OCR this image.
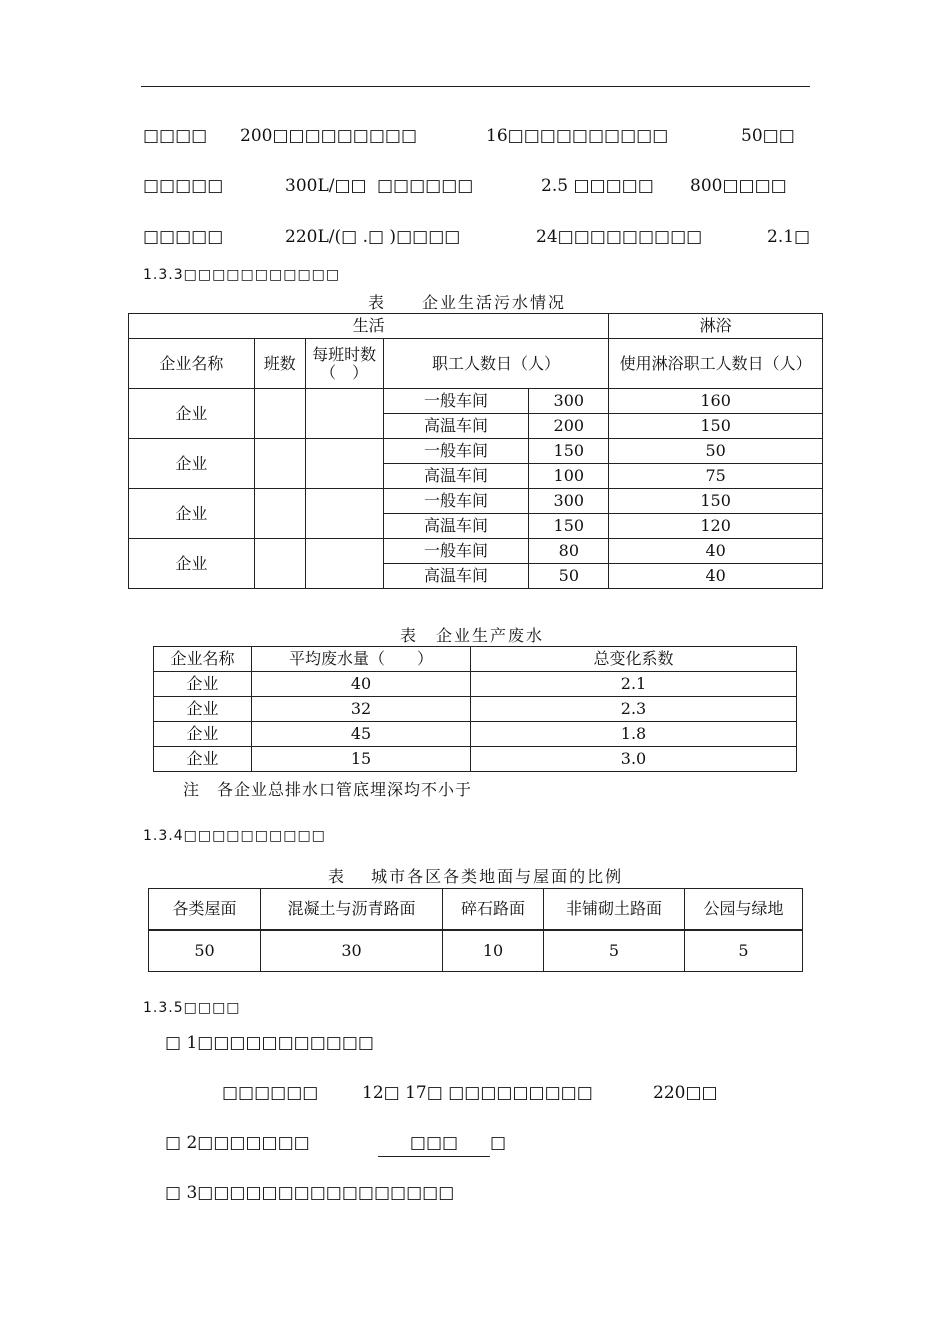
□□□□ 200□□□□□□□□□	16□□□□□□□□□□	50□□
□□□□□	300L/□□ □□□□□□	2.5 □□□□□ 800□□□□
□□□□□	220L/(□ .□ )□□□□	24□□□□□□□□□	2.1□
1.3.3□□□□□□□□□□□
表　　企业生活污水情况
生活					淋浴
企业名称	班数	每班时数（　）	职工人数日（人）		使用淋浴职工人数日（人）
企业			一般车间	300	160
			高温车间	200	150
企业			一般车间	150	50
			高温车间	100	75
企业			一般车间	300	150
			高温车间	150	120
企业			一般车间	80	40
			高温车间	50	40
表　企业生产废水
企业名称	平均废水量（　　）	总变化系数
企业	40	2.1
企业	32	2.3
企业	45	1.8
企业	15	3.0
注　各企业总排水口管底埋深均不小于
1.3.4□□□□□□□□□□
表　 城市各区各类地面与屋面的比例
各类屋面	混凝土与沥青路面	碎石路面	非铺砌土路面	公园与绿地
50	30	10	5	5
1.3.5□□□□
□ 1□□□□□□□□□□□
□□□□□□	12□ 17□ □□□□□□□□□	220□□
□ 2□□□□□□□	□□□	□
□ 3□□□□□□□□□□□□□□□□
